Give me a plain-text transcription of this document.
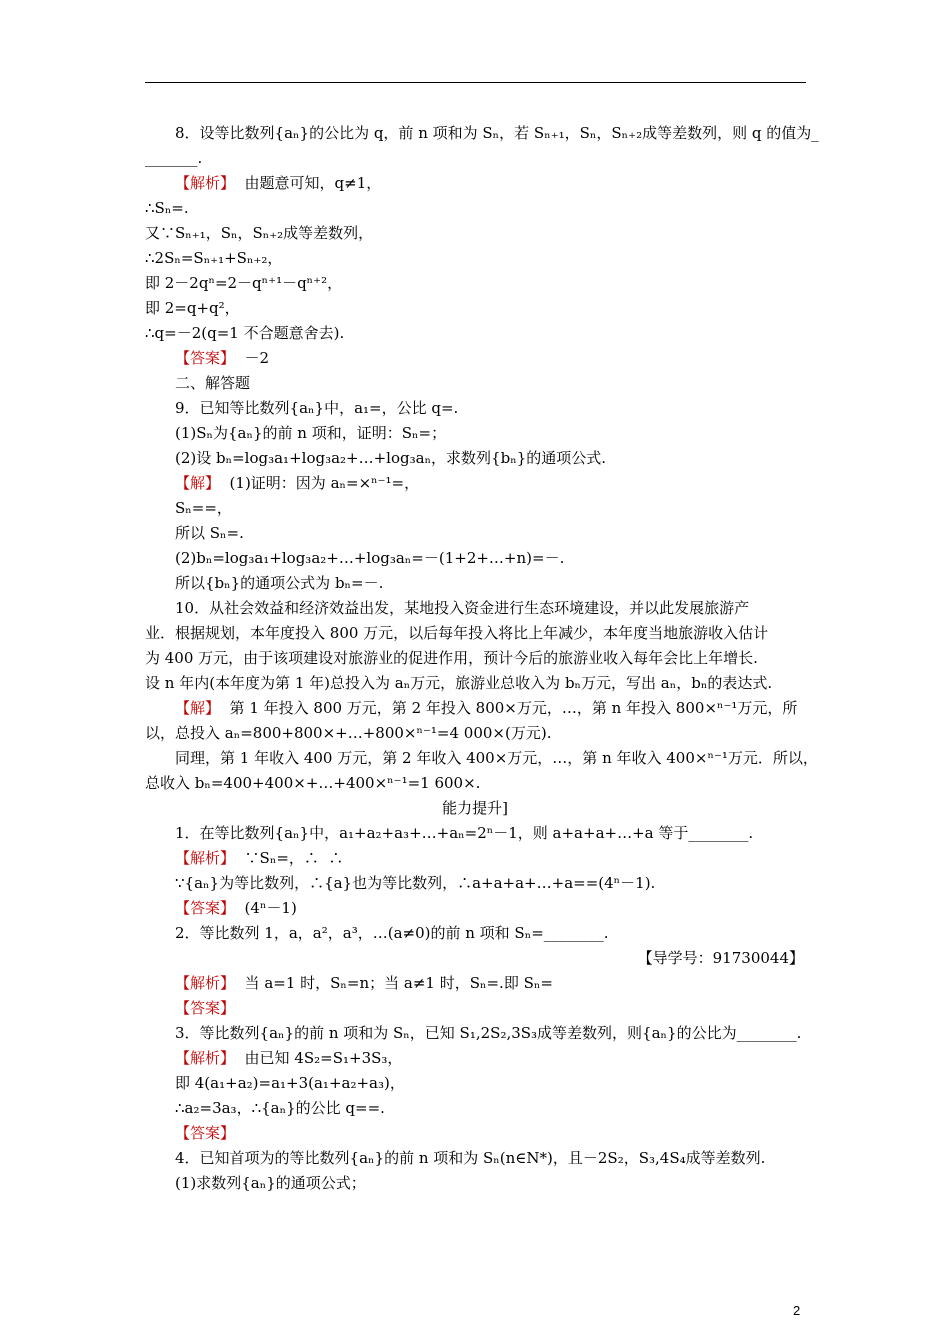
8．设等比数列{aₙ}的公比为 q，前 n 项和为 Sₙ，若 Sₙ₊₁，Sₙ，Sₙ₊₂成等差数列，则 q 的值为_
_______.
【解析】  由题意可知，q≠1，
∴Sₙ=.
又∵Sₙ₊₁，Sₙ，Sₙ₊₂成等差数列，
∴2Sₙ=Sₙ₊₁+Sₙ₊₂，
即 2－2qⁿ=2－qⁿ⁺¹－qⁿ⁺²，
即 2=q+q²，
∴q=－2(q=1 不合题意舍去).
【答案】  －2
二、解答题
9．已知等比数列{aₙ}中，a₁=，公比 q=.
(1)Sₙ为{aₙ}的前 n 项和，证明：Sₙ=；
(2)设 bₙ=log₃a₁+log₃a₂+…+log₃aₙ，求数列{bₙ}的通项公式.
【解】  (1)证明：因为 aₙ=×ⁿ⁻¹=，
Sₙ==，
所以 Sₙ=.
(2)bₙ=log₃a₁+log₃a₂+…+log₃aₙ=－(1+2+…+n)=－.
所以{bₙ}的通项公式为 bₙ=－.
10．从社会效益和经济效益出发，某地投入资金进行生态环境建设，并以此发展旅游产
业．根据规划，本年度投入 800 万元，以后每年投入将比上年减少，本年度当地旅游收入估计
为 400 万元，由于该项建设对旅游业的促进作用，预计今后的旅游业收入每年会比上年增长.
设 n 年内(本年度为第 1 年)总投入为 aₙ万元，旅游业总收入为 bₙ万元，写出 aₙ，bₙ的表达式.
【解】  第 1 年投入 800 万元，第 2 年投入 800×万元，…，第 n 年投入 800×ⁿ⁻¹万元，所
以，总投入 aₙ=800+800×+…+800×ⁿ⁻¹=4 000×(万元).
同理，第 1 年收入 400 万元，第 2 年收入 400×万元，…，第 n 年收入 400×ⁿ⁻¹万元．所以，
总收入 bₙ=400+400×+…+400×ⁿ⁻¹=1 600×.
能力提升]
1．在等比数列{aₙ}中，a₁+a₂+a₃+…+aₙ=2ⁿ－1，则 a+a+a+…+a 等于________.
【解析】  ∵Sₙ=，∴  ∴
∵{aₙ}为等比数列，∴{a}也为等比数列，∴a+a+a+…+a==(4ⁿ－1).
【答案】  (4ⁿ－1)
2．等比数列 1，a，a²，a³，…(a≠0)的前 n 项和 Sₙ=________.
【导学号：91730044】
【解析】  当 a=1 时，Sₙ=n；当 a≠1 时，Sₙ=.即 Sₙ=
【答案】
3．等比数列{aₙ}的前 n 项和为 Sₙ，已知 S₁,2S₂,3S₃成等差数列，则{aₙ}的公比为________.
【解析】  由已知 4S₂=S₁+3S₃，
即 4(a₁+a₂)=a₁+3(a₁+a₂+a₃)，
∴a₂=3a₃，∴{aₙ}的公比 q==.
【答案】
4．已知首项为的等比数列{aₙ}的前 n 项和为 Sₙ(n∈N*)，且－2S₂，S₃,4S₄成等差数列.
(1)求数列{aₙ}的通项公式；
2
